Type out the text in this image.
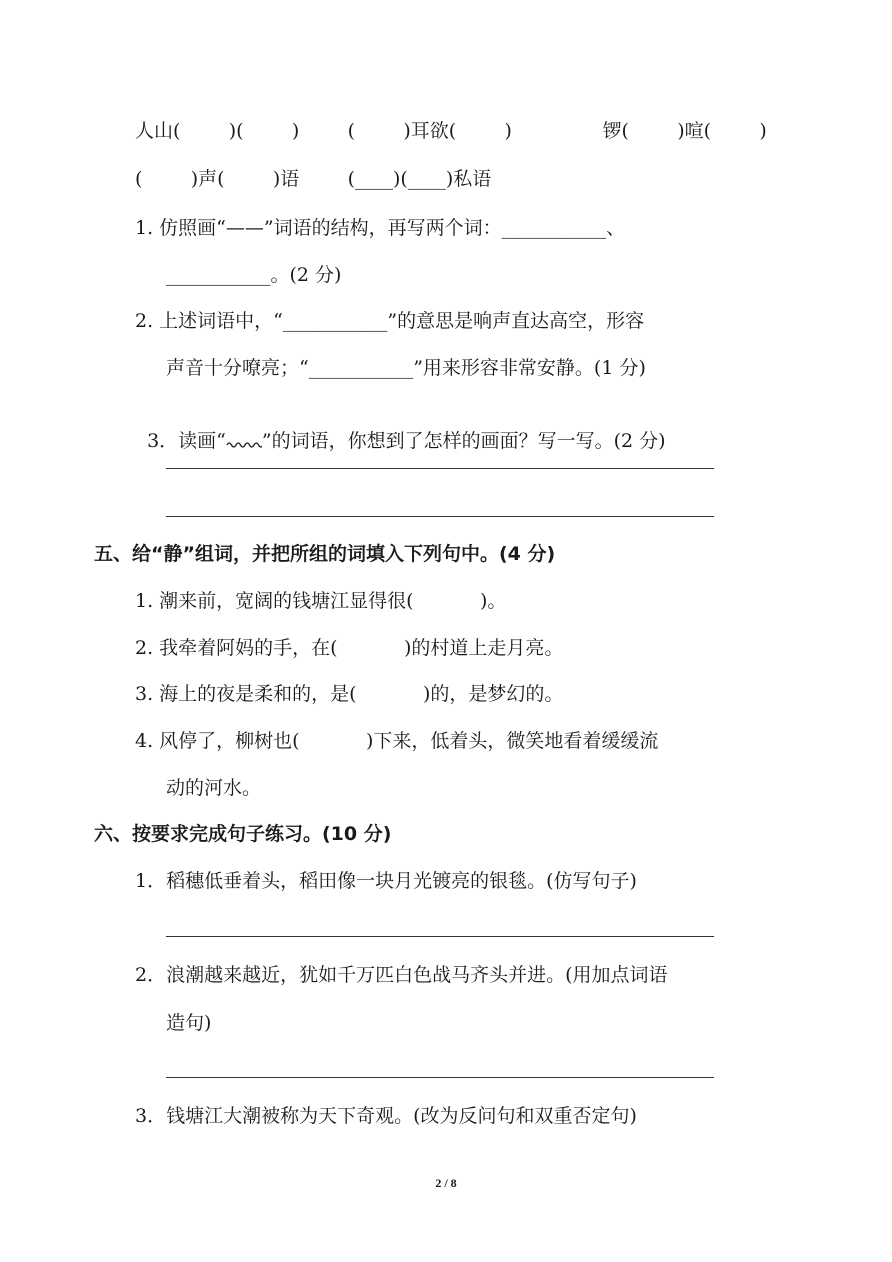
人山(        )(        )        (        )耳欲(        )               锣(        )喧(        )
(        )声(        )语        (____)(____)私语
1. 仿照画“——”词语的结构，再写两个词：___________、
___________。(2 分)
2. 上述词语中，“___________”的意思是响声直达高空，形容
声音十分嘹亮；“___________”用来形容非常安静。(1 分)

3．读画“ ”的词语，你想到了怎样的画面？写一写。(2 分)

五、给“静”组词，并把所组的词填入下列句中。(4 分)
1. 潮来前，宽阔的钱塘江显得很(           )。
2. 我牵着阿妈的手，在(           )的村道上走月亮。
3. 海上的夜是柔和的，是(           )的，是梦幻的。
4. 风停了，柳树也(           )下来，低着头，微笑地看着缓缓流
动的河水。
六、按要求完成句子练习。(10 分)
1．稻穗低垂着头，稻田像一块月光镀亮的银毯。(仿写句子)
2．浪潮越来越近，犹如千万匹白色战马齐头并进。(用加点词语
造句)
3．钱塘江大潮被称为天下奇观。(改为反问句和双重否定句)
2 / 8
